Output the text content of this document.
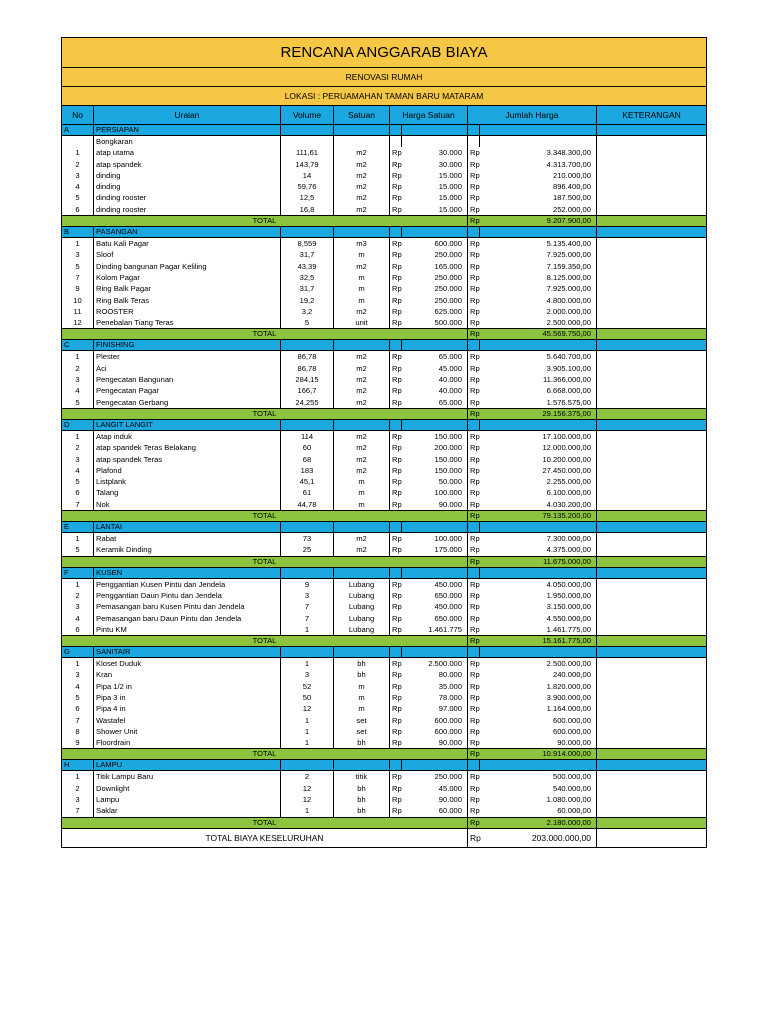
RENCANA ANGGARAB BIAYA								
RENOVASI RUMAH								
LOKASI : PERUAMAHAN TAMAN BARU MATARAM								
No	Uraian	Volume	Satuan	Harga Satuan		Jumlah Harga		KETERANGAN
A	PERSIAPAN							
	Bongkaran							
1	atap utama	111,61	m2	Rp	30.000	Rp	3.348.300,00	
2	atap spandek	143,79	m2	Rp	30.000	Rp	4.313.700,00	
3	dinding	14	m2	Rp	15.000	Rp	210.000,00	
4	dinding	59,76	m2	Rp	15.000	Rp	896.400,00	
5	dinding rooster	12,5	m2	Rp	15.000	Rp	187.500,00	
6	dinding rooster	16,8	m2	Rp	15.000	Rp	252.000,00	
TOTAL						Rp	9.207.900,00	
B	PASANGAN							
1	Batu Kali Pagar	8,559	m3	Rp	600.000	Rp	5.135.400,00	
3	Sloof	31,7	m	Rp	250.000	Rp	7.925.000,00	
5	Dinding bangunan Pagar Keliling	43,39	m2	Rp	165.000	Rp	7.159.350,00	
7	Kolom Pagar	32,5	m	Rp	250.000	Rp	8.125.000,00	
9	Ring Balk Pagar	31,7	m	Rp	250.000	Rp	7.925.000,00	
10	Ring Balk Teras	19,2	m	Rp	250.000	Rp	4.800.000,00	
11	ROOSTER	3,2	m2	Rp	625.000	Rp	2.000.000,00	
12	Penebalan Tiang Teras	5	unit	Rp	500.000	Rp	2.500.000,00	
TOTAL						Rp	45.569.750,00	
C	FINISHING							
1	Plester	86,78	m2	Rp	65.000	Rp	5.640.700,00	
2	Aci	86,78	m2	Rp	45.000	Rp	3.905.100,00	
3	Pengecatan Bangunan	284,15	m2	Rp	40.000	Rp	11.366.000,00	
4	Pengecatan Pagar	166,7	m2	Rp	40.000	Rp	6.668.000,00	
5	Pengecatan Gerbang	24,255	m2	Rp	65.000	Rp	1.576.575,00	
TOTAL						Rp	29.156.375,00	
D	LANGIT LANGIT							
1	Atap induk	114	m2	Rp	150.000	Rp	17.100.000,00	
2	atap spandek Teras Belakang	60	m2	Rp	200.000	Rp	12.000.000,00	
3	atap spandek Teras	68	m2	Rp	150.000	Rp	10.200.000,00	
4	Plafond	183	m2	Rp	150.000	Rp	27.450.000,00	
5	Listplank	45,1	m	Rp	50.000	Rp	2.255.000,00	
6	Talang	61	m	Rp	100.000	Rp	6.100.000,00	
7	Nok	44,78	m	Rp	90.000	Rp	4.030.200,00	
TOTAL						Rp	79.135.200,00	
E	LANTAI							
1	Rabat	73	m2	Rp	100.000	Rp	7.300.000,00	
5	Keramik Dinding	25	m2	Rp	175.000	Rp	4.375.000,00	
TOTAL						Rp	11.675.000,00	
F	KUSEN							
1	Penggantian Kusen Pintu dan Jendela	9	Lubang	Rp	450.000	Rp	4.050.000,00	
2	Penggantian Daun Pintu dan Jendela	3	Lubang	Rp	650.000	Rp	1.950.000,00	
3	Pemasangan baru Kusen Pintu dan Jendela	7	Lubang	Rp	450.000	Rp	3.150.000,00	
4	Pemasangan baru Daun Pintu dan Jendela	7	Lubang	Rp	650.000	Rp	4.550.000,00	
6	Pintu KM	1	Lubang	Rp	1.461.775	Rp	1.461.775,00	
TOTAL						Rp	15.161.775,00	
G	SANITAIR							
1	Kloset Duduk	1	bh	Rp	2.500.000	Rp	2.500.000,00	
3	Kran	3	bh	Rp	80.000	Rp	240.000,00	
4	Pipa 1/2 in	52	m	Rp	35.000	Rp	1.820.000,00	
5	Pipa 3 in	50	m	Rp	78.000	Rp	3.900.000,00	
6	Pipa 4 in	12	m	Rp	97.000	Rp	1.164.000,00	
7	Wastafel	1	set	Rp	600.000	Rp	600.000,00	
8	Shower Unit	1	set	Rp	600.000	Rp	600.000,00	
9	Floordrain	1	bh	Rp	90.000	Rp	90.000,00	
TOTAL						Rp	10.914.000,00	
H	LAMPU							
1	Titik Lampu Baru	2	titik	Rp	250.000	Rp	500.000,00	
2	Downlight	12	bh	Rp	45.000	Rp	540.000,00	
3	Lampu	12	bh	Rp	90.000	Rp	1.080.000,00	
7	Saklar	1	bh	Rp	60.000	Rp	60.000,00	
TOTAL						Rp	2.180.000,00	
TOTAL BIAYA KESELURUHAN						Rp	203.000.000,00	
